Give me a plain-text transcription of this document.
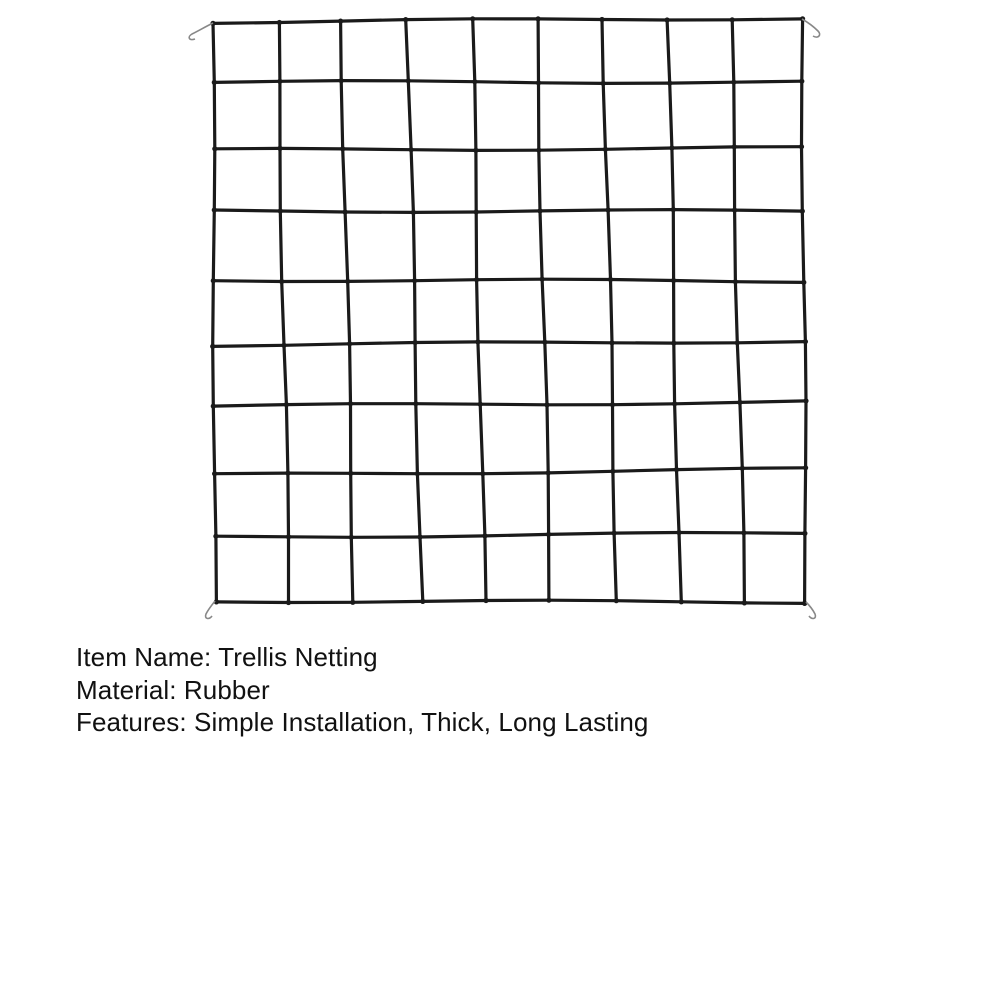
Item Name: Trellis Netting
Material: Rubber
Features: Simple Installation, Thick, Long Lasting
